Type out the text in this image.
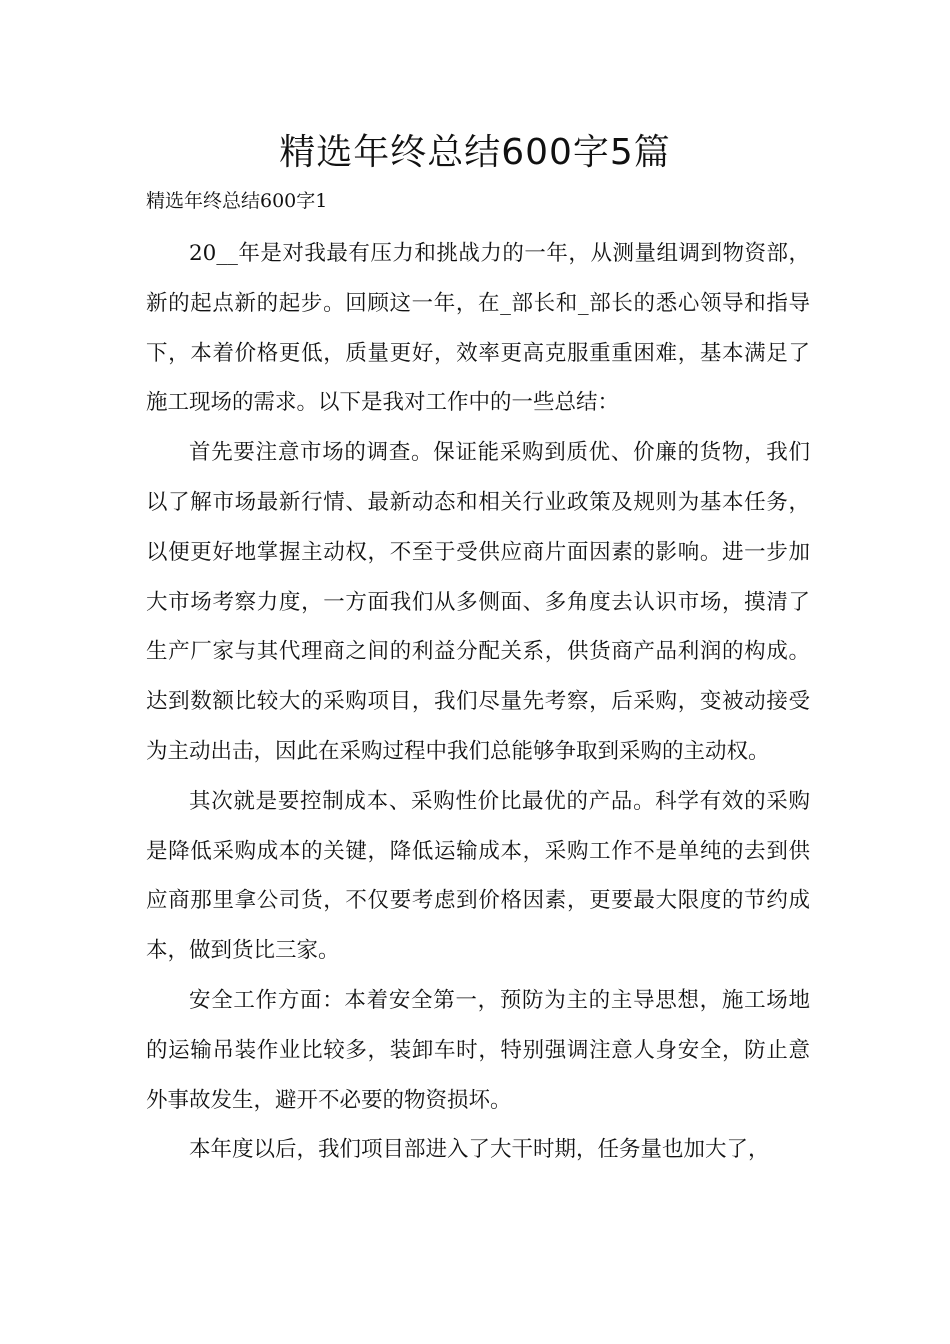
精选年终总结600字5篇
精选年终总结600字1

20__年是对我最有压力和挑战力的一年，从测量组调到物资部，新的起点新的起步。回顾这一年，在_部长和_部长的悉心领导和指导下，本着价格更低，质量更好，效率更高克服重重困难，基本满足了施工现场的需求。以下是我对工作中的一些总结：

首先要注意市场的调查。保证能采购到质优、价廉的货物，我们以了解市场最新行情、最新动态和相关行业政策及规则为基本任务，以便更好地掌握主动权，不至于受供应商片面因素的影响。进一步加大市场考察力度，一方面我们从多侧面、多角度去认识市场，摸清了生产厂家与其代理商之间的利益分配关系，供货商产品利润的构成。达到数额比较大的采购项目，我们尽量先考察，后采购，变被动接受为主动出击，因此在采购过程中我们总能够争取到采购的主动权。

其次就是要控制成本、采购性价比最优的产品。科学有效的采购是降低采购成本的关键，降低运输成本，采购工作不是单纯的去到供应商那里拿公司货，不仅要考虑到价格因素，更要最大限度的节约成本，做到货比三家。

安全工作方面：本着安全第一，预防为主的主导思想，施工场地的运输吊装作业比较多，装卸车时，特别强调注意人身安全，防止意外事故发生，避开不必要的物资损坏。

本年度以后，我们项目部进入了大干时期，任务量也加大了，
